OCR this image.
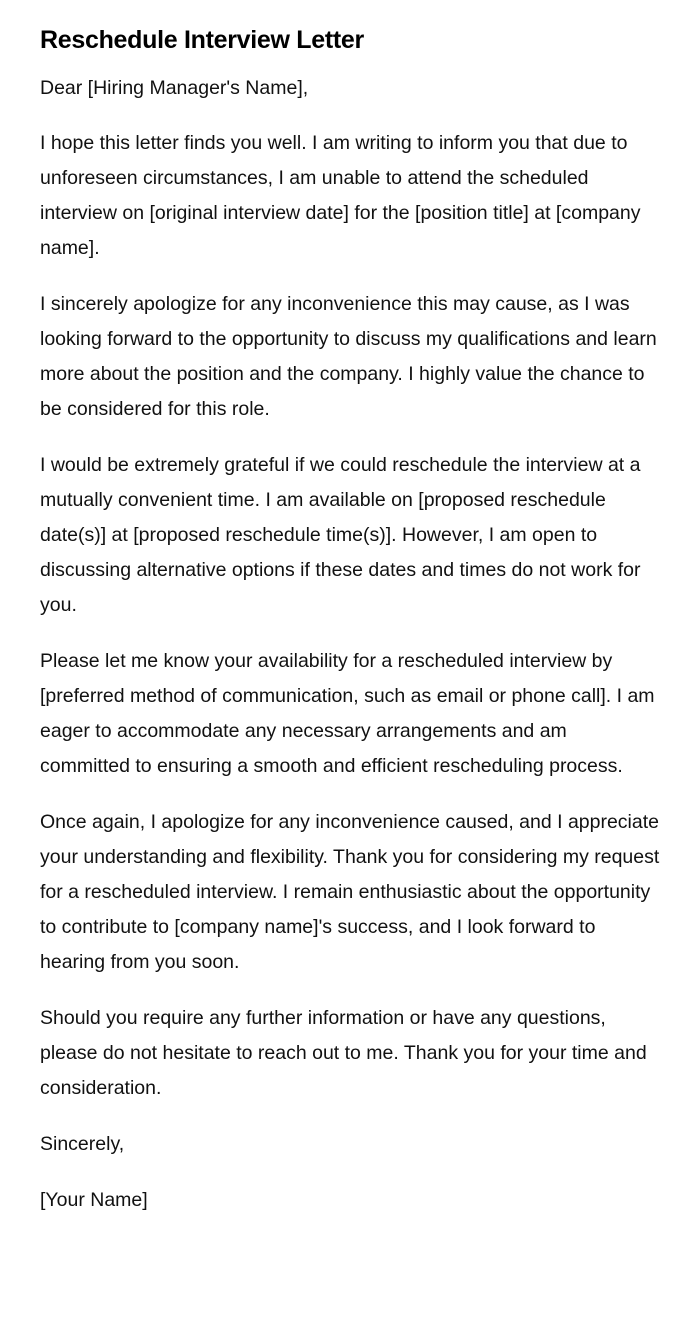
Reschedule Interview Letter

Dear [Hiring Manager's Name],

I hope this letter finds you well. I am writing to inform you that due to unforeseen circumstances, I am unable to attend the scheduled interview on [original interview date] for the [position title] at [company name].

I sincerely apologize for any inconvenience this may cause, as I was looking forward to the opportunity to discuss my qualifications and learn more about the position and the company. I highly value the chance to be considered for this role.

I would be extremely grateful if we could reschedule the interview at a mutually convenient time. I am available on [proposed reschedule date(s)] at [proposed reschedule time(s)]. However, I am open to discussing alternative options if these dates and times do not work for you.

Please let me know your availability for a rescheduled interview by [preferred method of communication, such as email or phone call]. I am eager to accommodate any necessary arrangements and am committed to ensuring a smooth and efficient rescheduling process.

Once again, I apologize for any inconvenience caused, and I appreciate your understanding and flexibility. Thank you for considering my request for a rescheduled interview. I remain enthusiastic about the opportunity to contribute to [company name]'s success, and I look forward to hearing from you soon.

Should you require any further information or have any questions, please do not hesitate to reach out to me. Thank you for your time and consideration.

Sincerely,

[Your Name]
